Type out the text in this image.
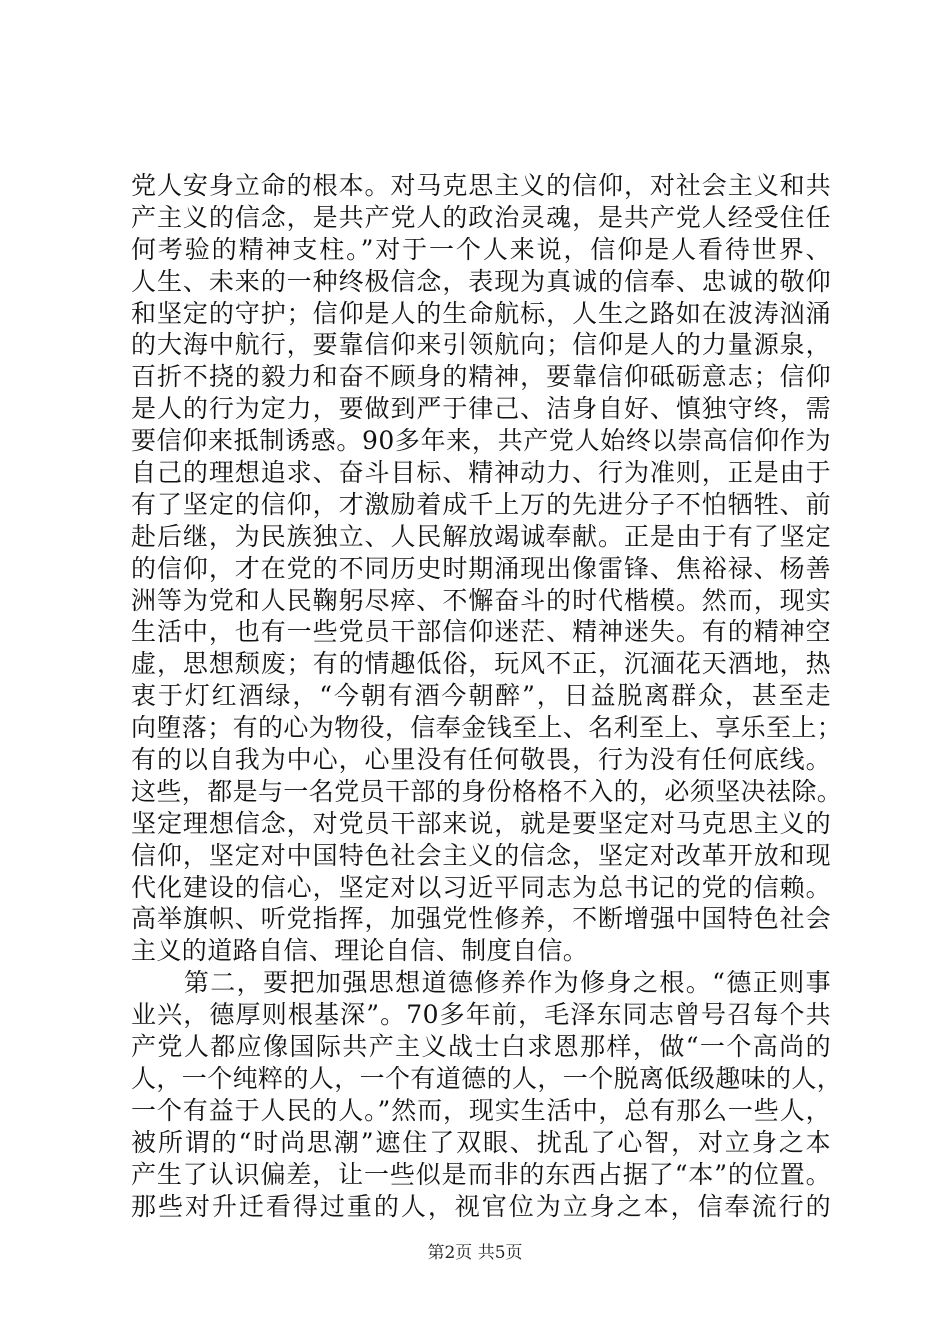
党人安身立命的根本。对马克思主义的信仰，对社会主义和共
产主义的信念，是共产党人的政治灵魂，是共产党人经受住任
何考验的精神支柱。”对于一个人来说，信仰是人看待世界、
人生、未来的一种终极信念，表现为真诚的信奉、忠诚的敬仰
和坚定的守护；信仰是人的生命航标，人生之路如在波涛汹涌
的大海中航行，要靠信仰来引领航向；信仰是人的力量源泉，
百折不挠的毅力和奋不顾身的精神，要靠信仰砥砺意志；信仰
是人的行为定力，要做到严于律己、洁身自好、慎独守终，需
要信仰来抵制诱惑。90多年来，共产党人始终以崇高信仰作为
自己的理想追求、奋斗目标、精神动力、行为准则，正是由于
有了坚定的信仰，才激励着成千上万的先进分子不怕牺牲、前
赴后继，为民族独立、人民解放竭诚奉献。正是由于有了坚定
的信仰，才在党的不同历史时期涌现出像雷锋、焦裕禄、杨善
洲等为党和人民鞠躬尽瘁、不懈奋斗的时代楷模。然而，现实
生活中，也有一些党员干部信仰迷茫、精神迷失。有的精神空
虚，思想颓废；有的情趣低俗，玩风不正，沉湎花天酒地，热
衷于灯红酒绿，“今朝有酒今朝醉”，日益脱离群众，甚至走
向堕落；有的心为物役，信奉金钱至上、名利至上、享乐至上；
有的以自我为中心，心里没有任何敬畏，行为没有任何底线。
这些，都是与一名党员干部的身份格格不入的，必须坚决祛除。
坚定理想信念，对党员干部来说，就是要坚定对马克思主义的
信仰，坚定对中国特色社会主义的信念，坚定对改革开放和现
代化建设的信心，坚定对以习近平同志为总书记的党的信赖。
高举旗帜、听党指挥，加强党性修养，不断增强中国特色社会
主义的道路自信、理论自信、制度自信。
　　第二，要把加强思想道德修养作为修身之根。“德正则事
业兴，德厚则根基深”。70多年前，毛泽东同志曾号召每个共
产党人都应像国际共产主义战士白求恩那样，做“一个高尚的
人，一个纯粹的人，一个有道德的人，一个脱离低级趣味的人，
一个有益于人民的人。”然而，现实生活中，总有那么一些人，
被所谓的“时尚思潮”遮住了双眼、扰乱了心智，对立身之本
产生了认识偏差，让一些似是而非的东西占据了“本”的位置。
那些对升迁看得过重的人，视官位为立身之本，信奉流行的
第2页 共5页
